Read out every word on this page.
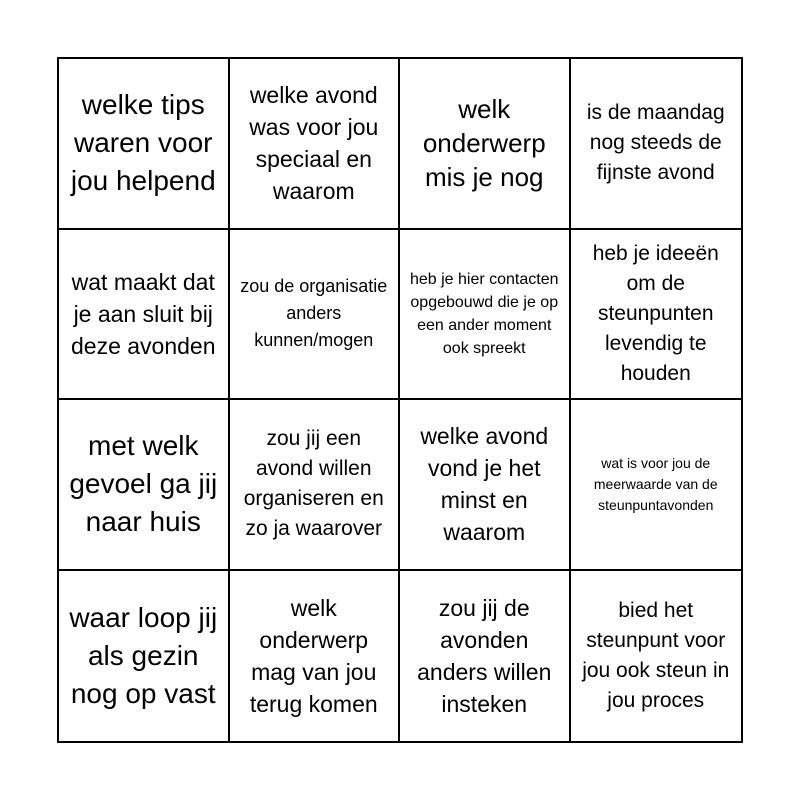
welke tips waren voor jou helpend
welke avond was voor jou speciaal en waarom
welk onderwerp mis je nog
is de maandag nog steeds de fijnste avond
wat maakt dat je aan sluit bij deze avonden
zou de organisatie anders kunnen/mogen
heb je hier contacten opgebouwd die je op een ander moment ook spreekt
heb je ideeën om de steunpunten levendig te houden
met welk gevoel ga jij naar huis
zou jij een avond willen organiseren en zo ja waarover
welke avond vond je het minst en waarom
wat is voor jou de meerwaarde van de steunpuntavonden
waar loop jij als gezin nog op vast
welk onderwerp mag van jou terug komen
zou jij de avonden anders willen insteken
bied het steunpunt voor jou ook steun in jou proces
